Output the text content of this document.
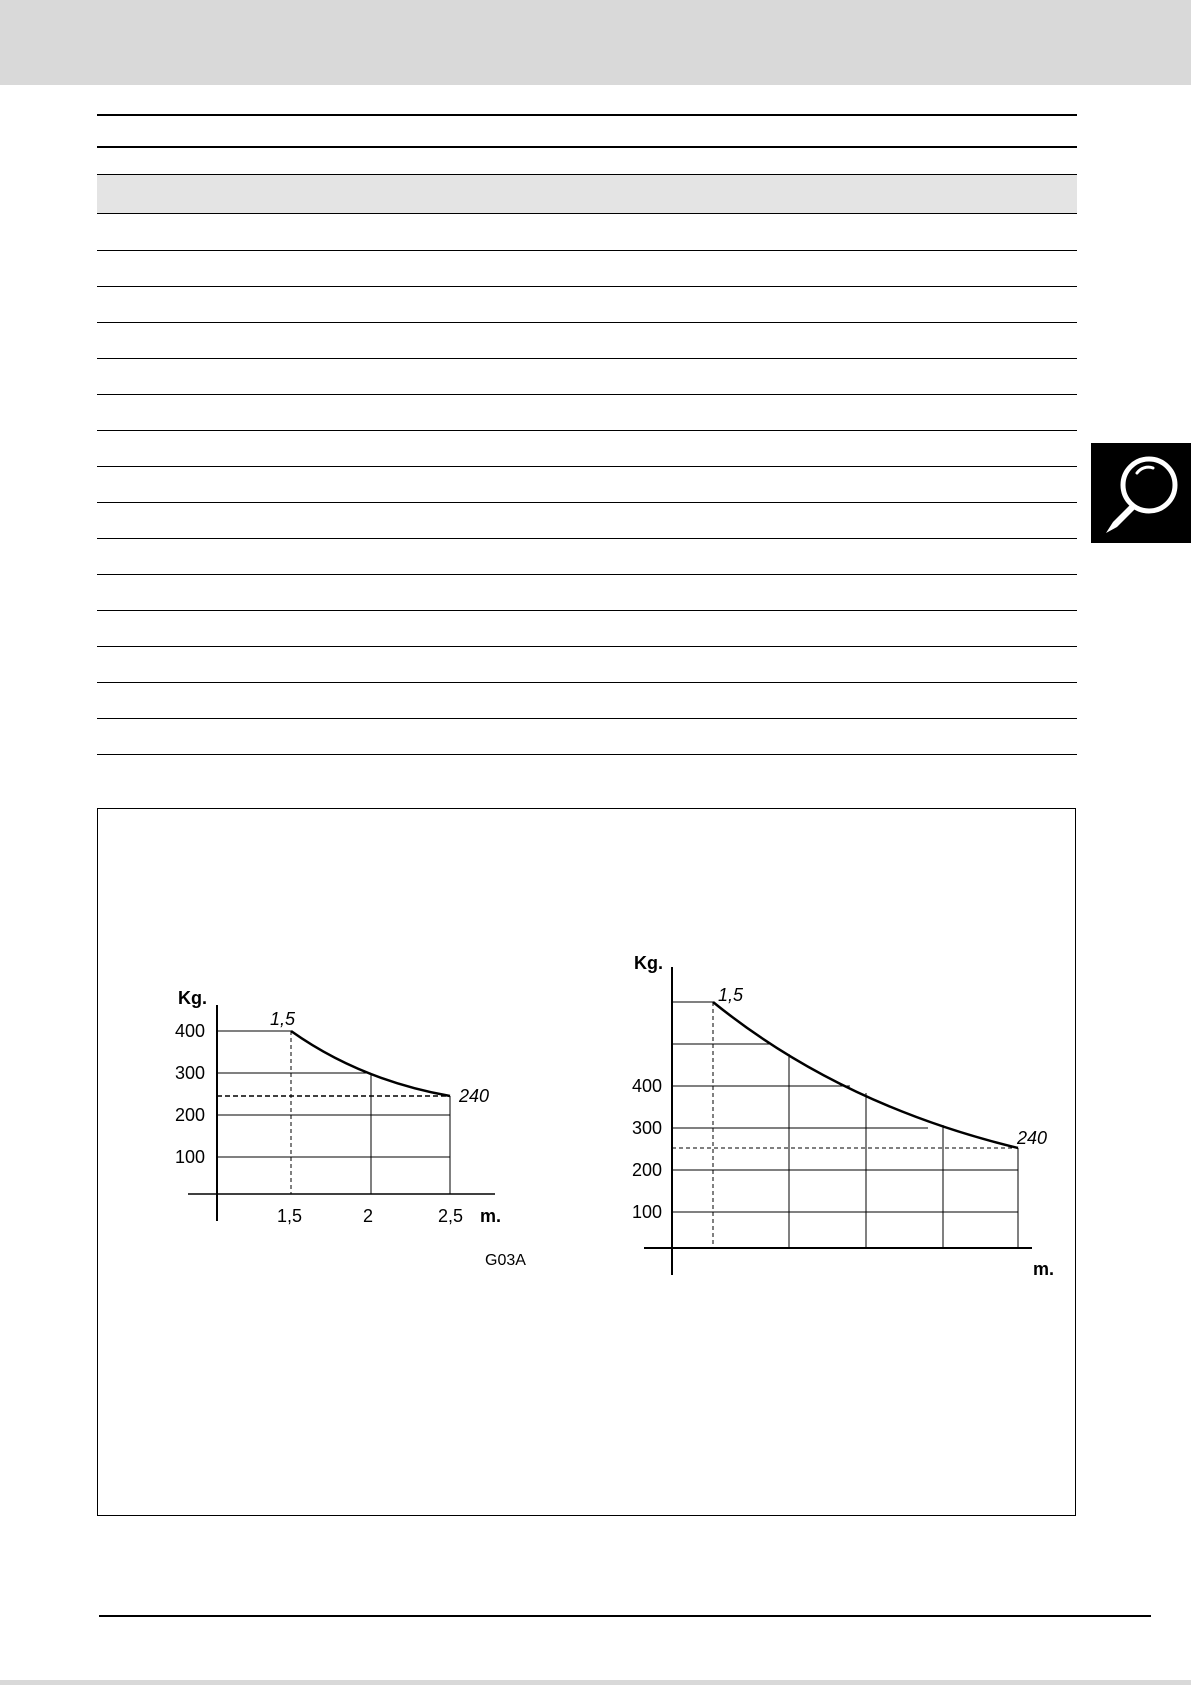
Kg.
400
300
200
100
1,5	2	2,5 m.
1,5
240
G03A
Kg.
400
300
200
100
1,5
240
m.
